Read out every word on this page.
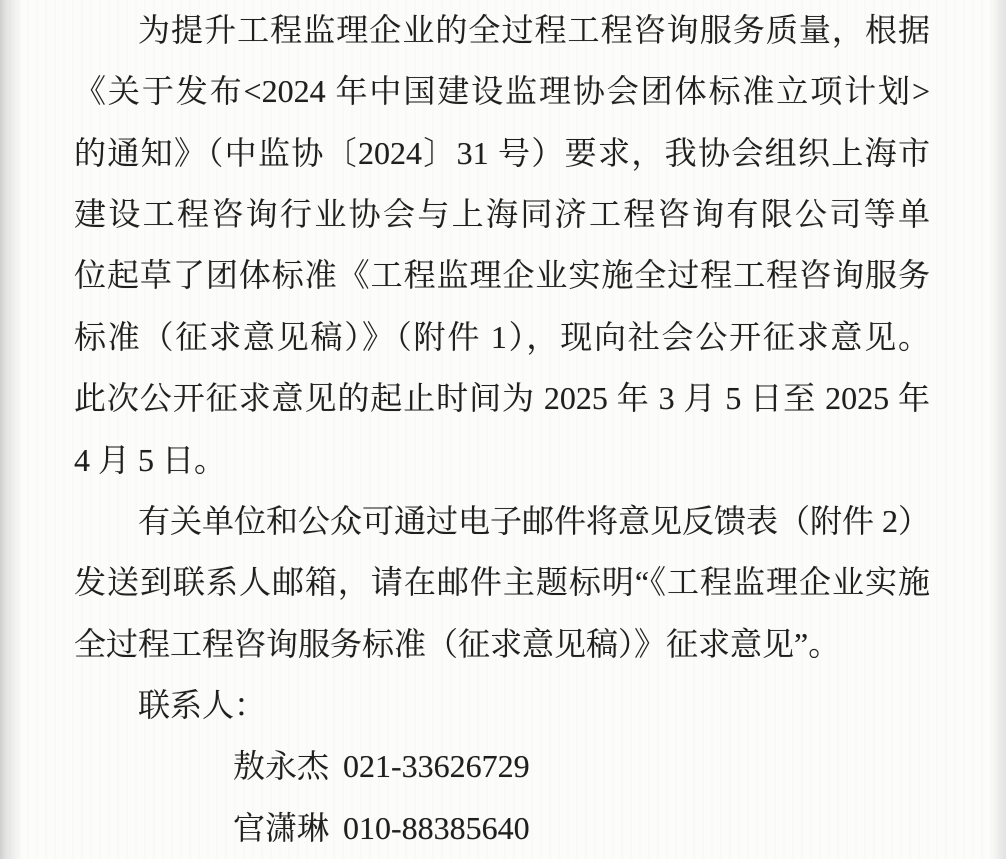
为提升工程监理企业的全过程工程咨询服务质量，根据
《关于发布<2024 年中国建设监理协会团体标准立项计划>
的通知》（中监协〔2024〕31 号）要求，我协会组织上海市
建设工程咨询行业协会与上海同济工程咨询有限公司等单
位起草了团体标准《工程监理企业实施全过程工程咨询服务
标准（征求意见稿）》（附件 1），现向社会公开征求意见。
此次公开征求意见的起止时间为 2025 年 3 月 5 日至 2025 年
4 月 5 日。
有关单位和公众可通过电子邮件将意见反馈表（附件 2）
发送到联系人邮箱，请在邮件主题标明“《工程监理企业实施
全过程工程咨询服务标准（征求意见稿）》征求意见”。
联系人：
敖永杰 021-33626729
官潇琳 010-88385640
